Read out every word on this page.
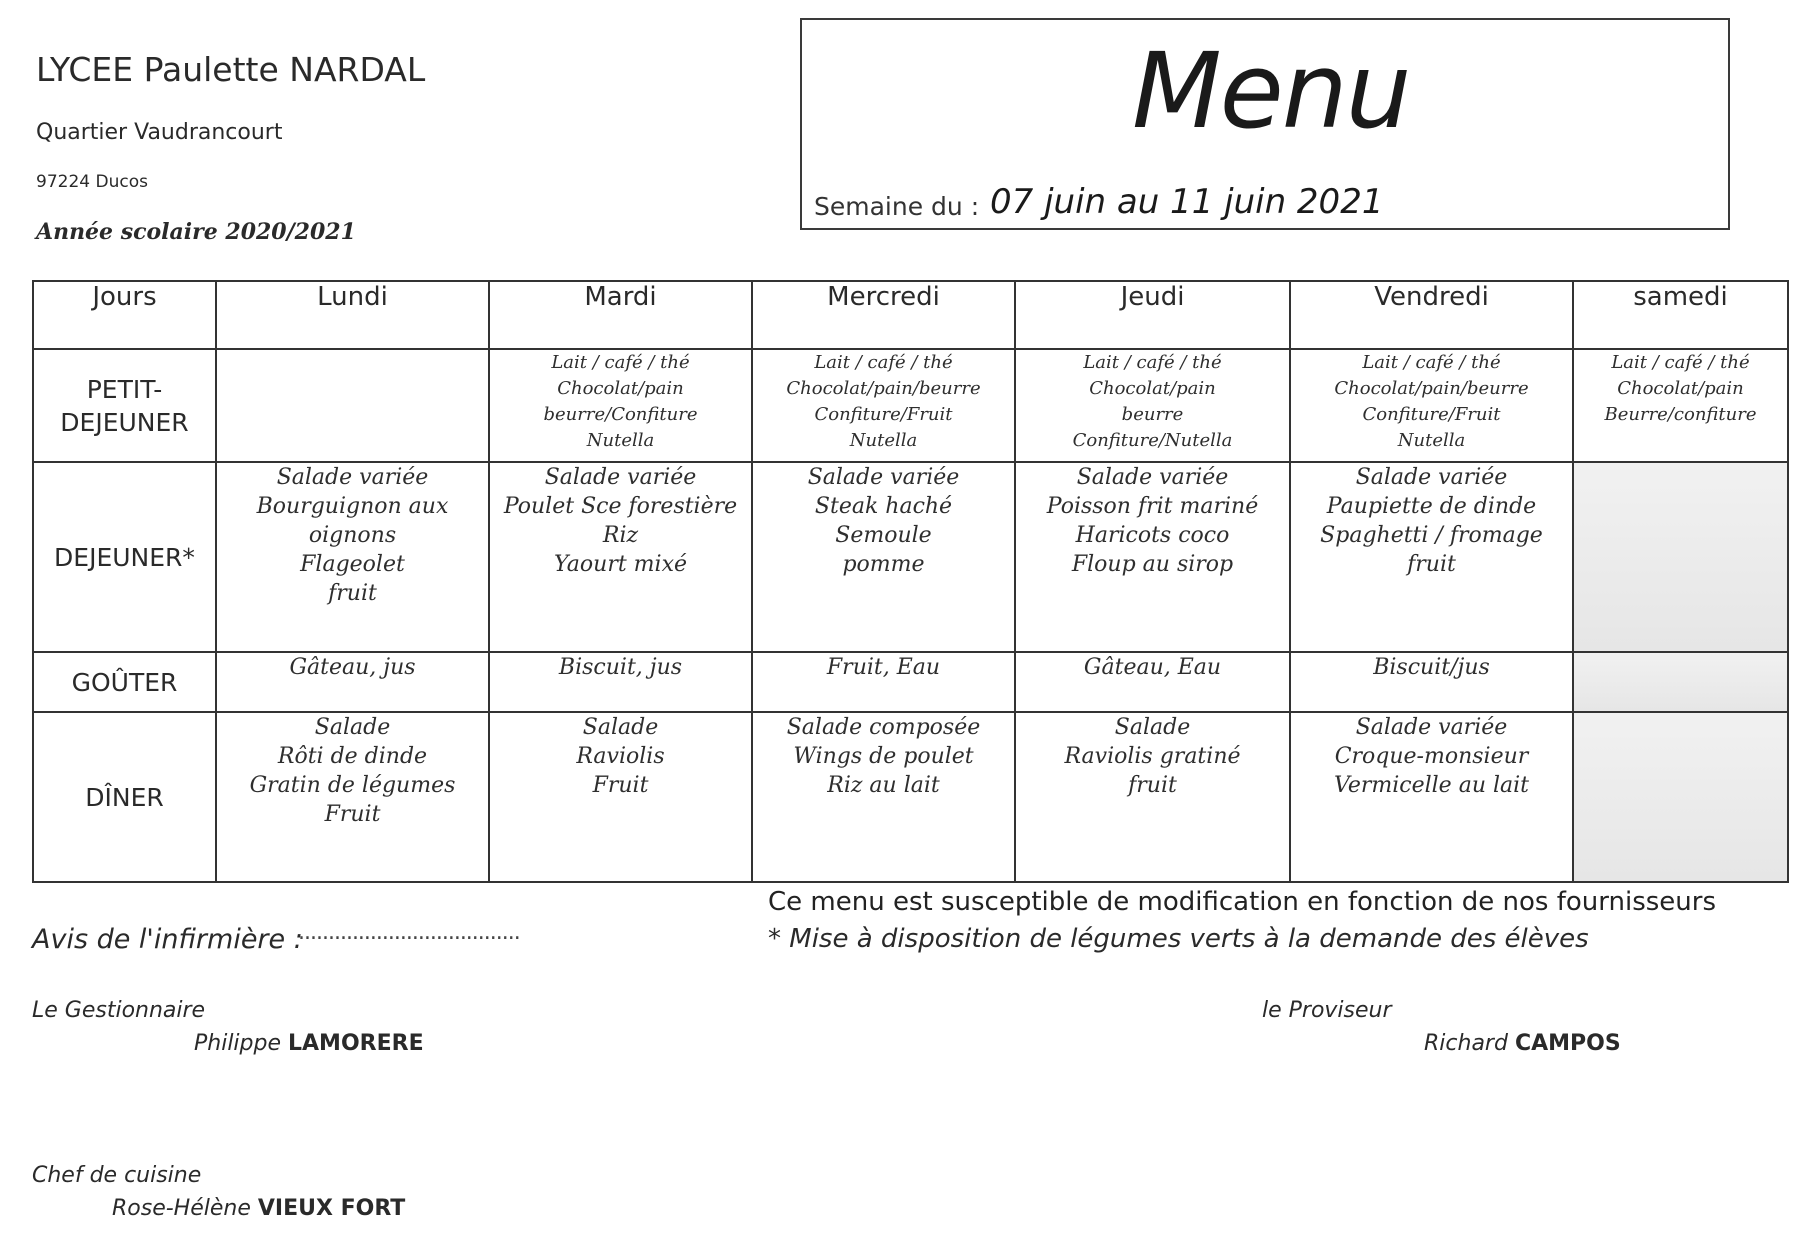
LYCEE Paulette NARDAL
Quartier Vaudrancourt
97224 Ducos
Année scolaire 2020/2021
Menu
Semaine du : 07 juin au 11 juin 2021
Jours	Lundi	Mardi	Mercredi	Jeudi	Vendredi	samedi

PETIT-
DEJEUNER		Lait / café / thé
Chocolat/pain
beurre/Confiture
Nutella	Lait / café / thé
Chocolat/pain/beurre
Confiture/Fruit
Nutella	Lait / café / thé
Chocolat/pain
beurre
Confiture/Nutella	Lait / café / thé
Chocolat/pain/beurre
Confiture/Fruit
Nutella	Lait / café / thé
Chocolat/pain
Beurre/confiture

DEJEUNER*	Salade variée
Bourguignon aux
oignons
Flageolet
fruit	Salade variée
Poulet Sce forestière
Riz
Yaourt mixé	Salade variée
Steak haché
Semoule
pomme	Salade variée
Poisson frit mariné
Haricots coco
Floup au sirop	Salade variée
Paupiette de dinde
Spaghetti / fromage
fruit	

GOÛTER	Gâteau, jus	Biscuit, jus	Fruit, Eau	Gâteau, Eau	Biscuit/jus	

DÎNER	Salade
Rôti de dinde
Gratin de légumes
Fruit	Salade
Raviolis
Fruit	Salade composée
Wings de poulet
Riz au lait	Salade
Raviolis gratiné
fruit	Salade variée
Croque-monsieur
Vermicelle au lait	

Avis de l'infirmière :
.....................................
Ce menu est susceptible de modification en fonction de nos fournisseurs
* Mise à disposition de légumes verts à la demande des élèves
Le Gestionnaire
Philippe LAMORERE
le Proviseur
Richard CAMPOS
Chef de cuisine
Rose-Hélène VIEUX FORT
